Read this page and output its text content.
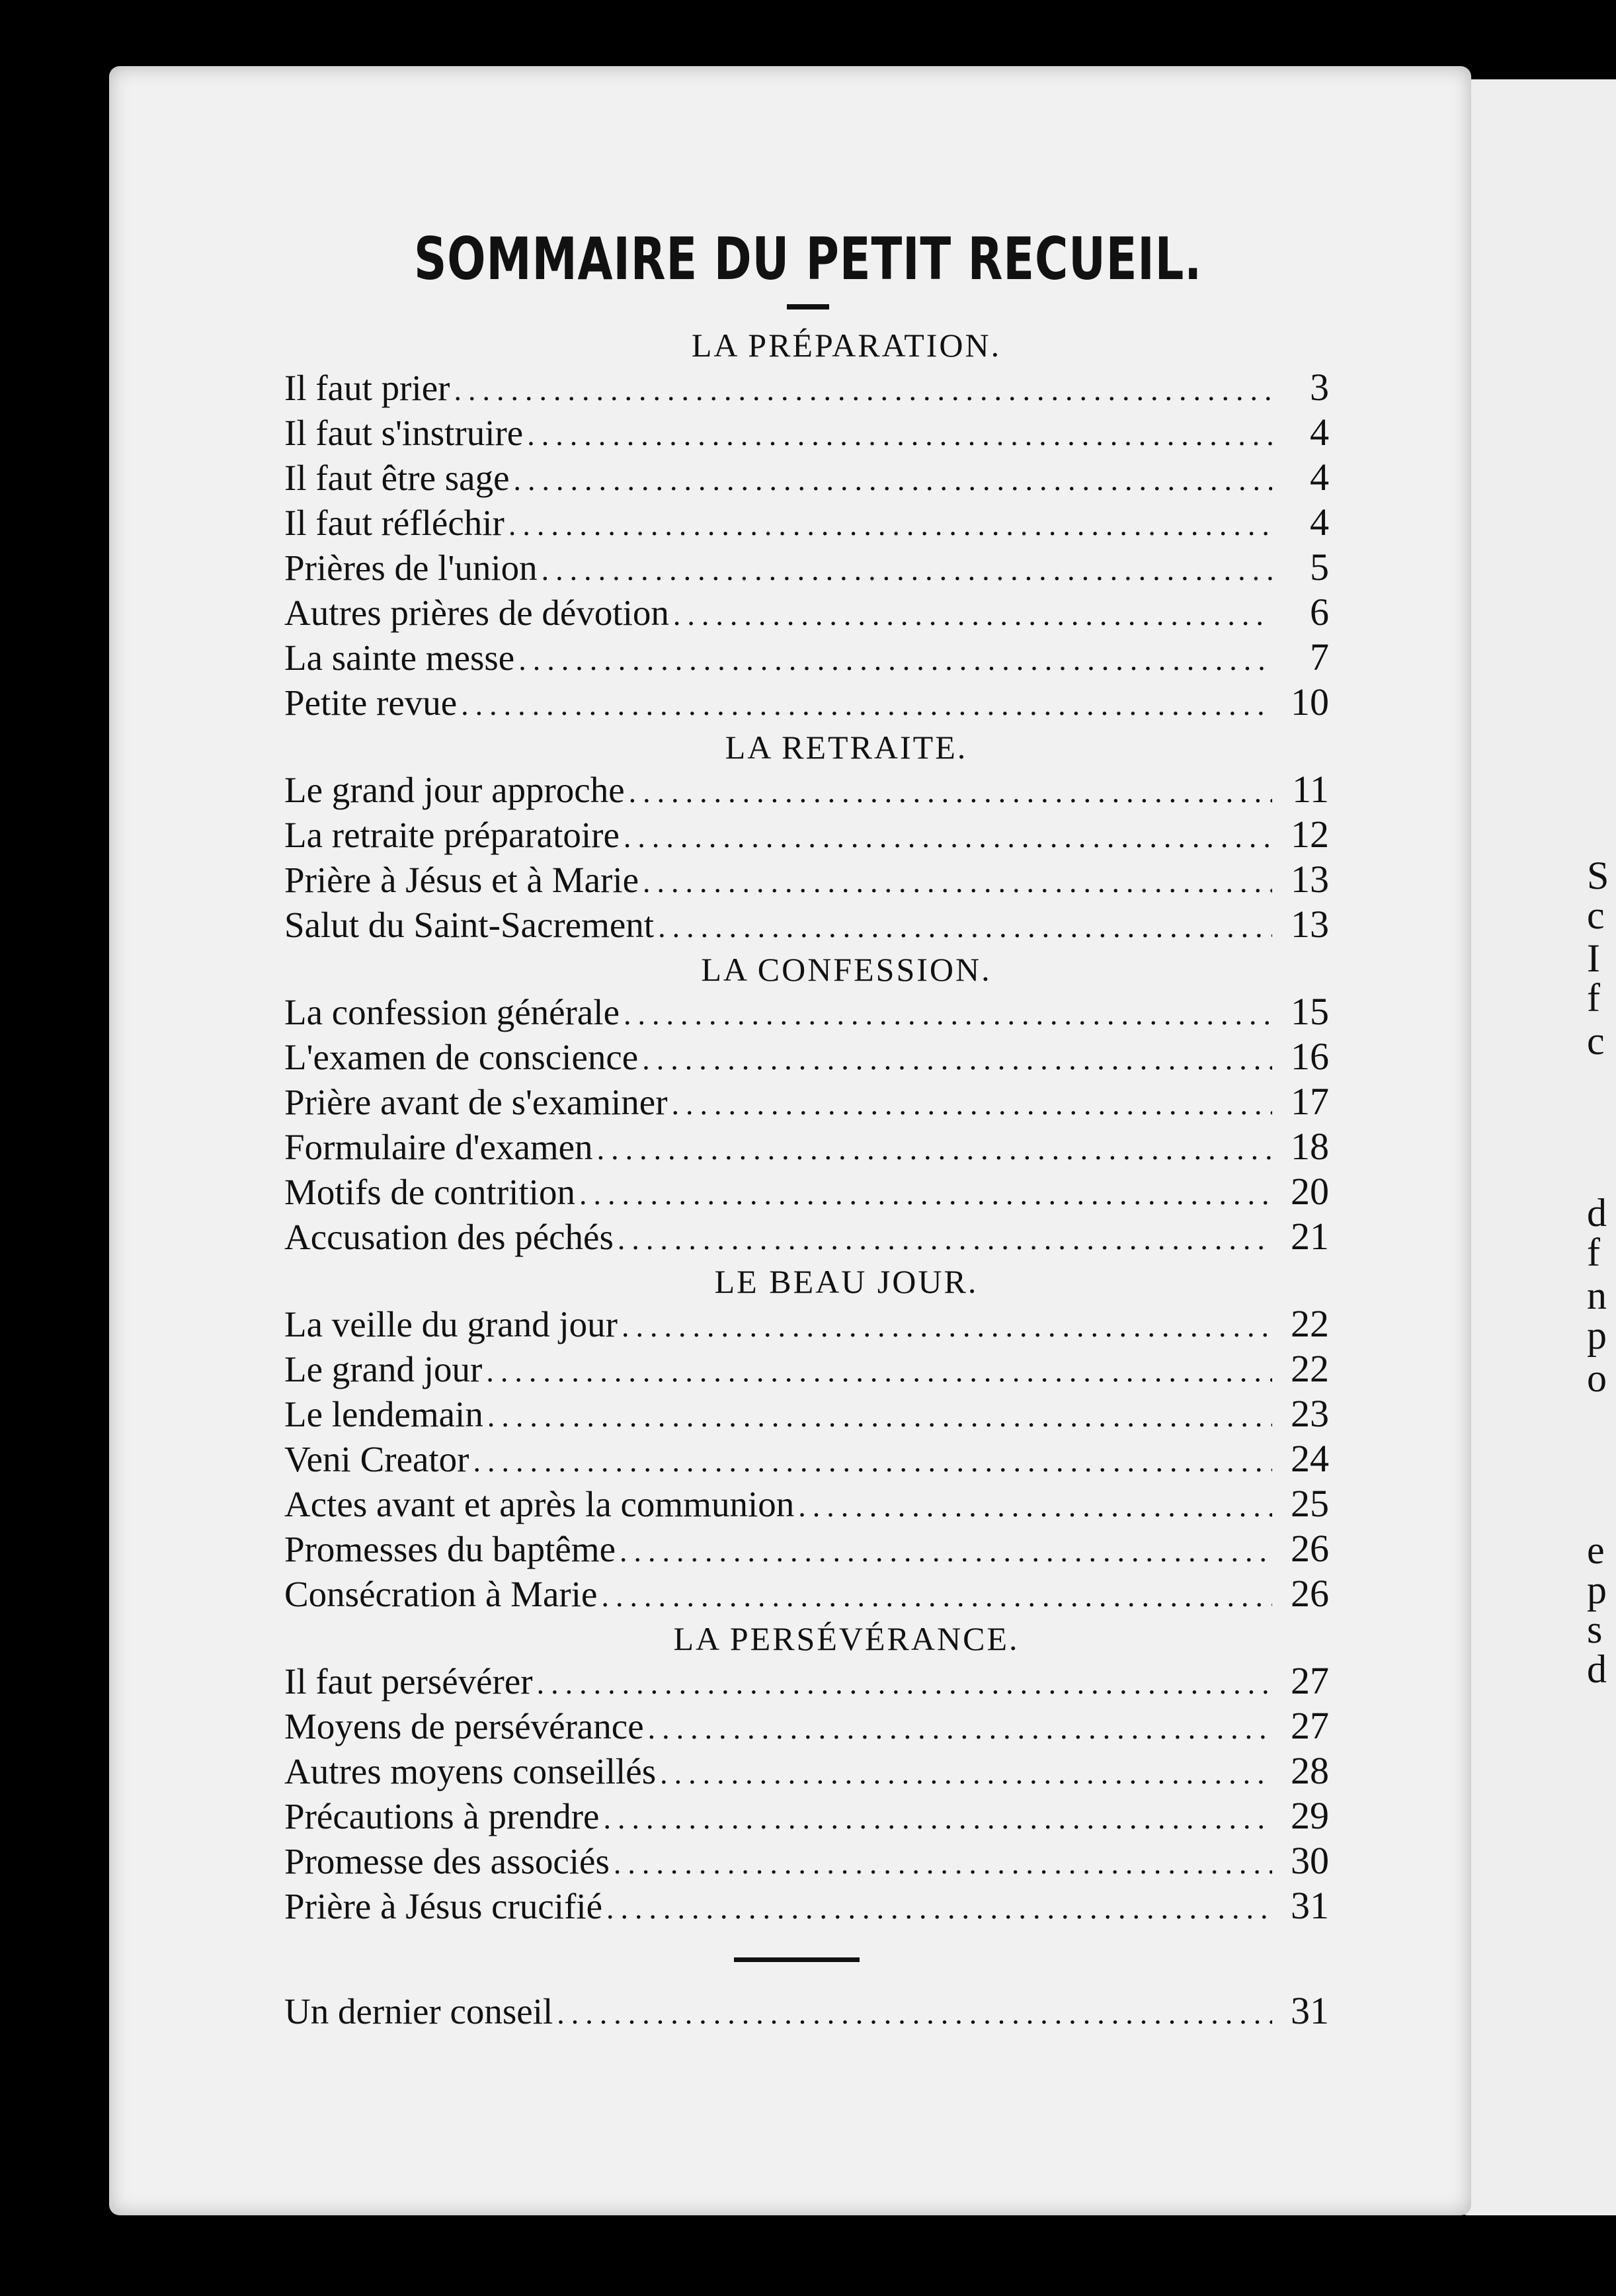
S
c
I
f
c
d
f
n
p
o
e
p
s
d
SOMMAIRE DU PETIT RECUEIL.
LA PRÉPARATION.
Il faut prier .....	3
Il faut s'instruire .....	4
Il faut être sage .....	4
Il faut réfléchir .....	4
Prières de l'union .....	5
Autres prières de dévotion .....	6
La sainte messe .....	7
Petite revue .....	10
LA RETRAITE.
Le grand jour approche .....	11
La retraite préparatoire .....	12
Prière à Jésus et à Marie .....	13
Salut du Saint-Sacrement .....	13
LA CONFESSION.
La confession générale .....	15
L'examen de conscience .....	16
Prière avant de s'examiner .....	17
Formulaire d'examen .....	18
Motifs de contrition .....	20
Accusation des péchés .....	21
LE BEAU JOUR.
La veille du grand jour .....	22
Le grand jour .....	22
Le lendemain .....	23
Veni Creator .....	24
Actes avant et après la communion .....	25
Promesses du baptême .....	26
Consécration à Marie .....	26
LA PERSÉVÉRANCE.
Il faut persévérer .....	27
Moyens de persévérance .....	27
Autres moyens conseillés .....	28
Précautions à prendre .....	29
Promesse des associés .....	30
Prière à Jésus crucifié .....	31
Un dernier conseil .....	31
